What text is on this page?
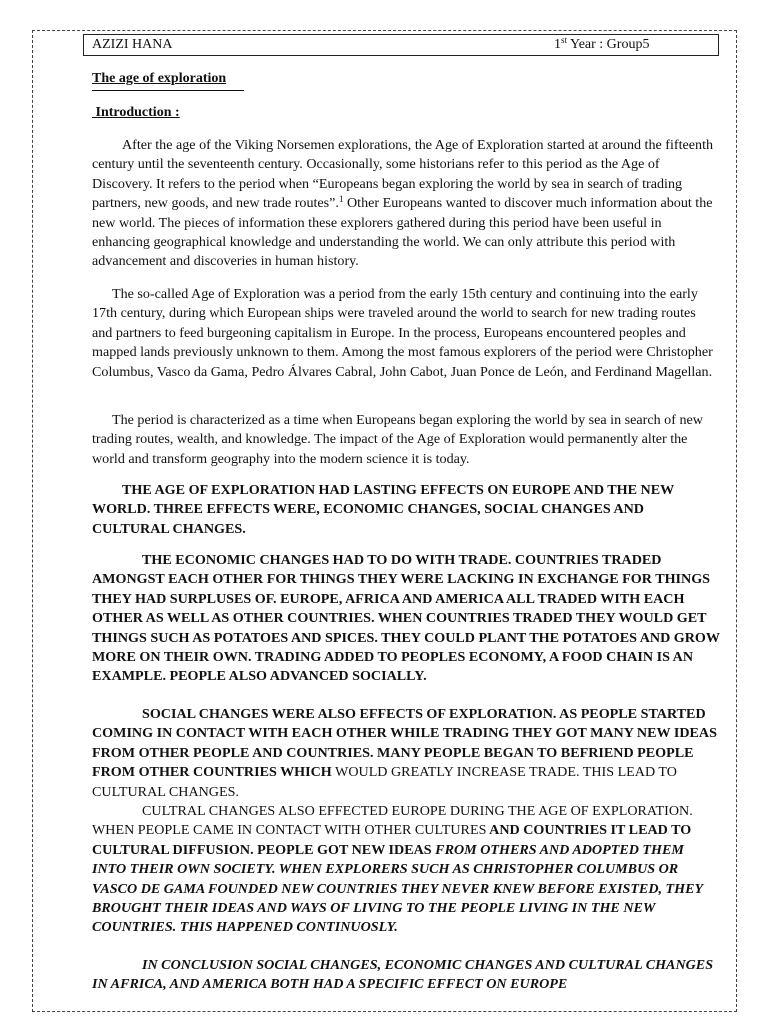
AZIZI HANA	1st Year : Group5
The age of exploration
Introduction :

After the age of the Viking Norsemen explorations, the Age of Exploration started at around the fifteenth century until the seventeenth century. Occasionally, some historians refer to this period as the Age of Discovery. It refers to the period when “Europeans began exploring the world by sea in search of trading partners, new goods, and new trade routes”.$^1$ Other Europeans wanted to discover much information about the new world. The pieces of information these explorers gathered during this period have been useful in enhancing geographical knowledge and understanding the world. We can only attribute this period with advancement and discoveries in human history.

The so-called Age of Exploration was a period from the early 15th century and continuing into the early 17th century, during which European ships were traveled around the world to search for new trading routes and partners to feed burgeoning capitalism in Europe. In the process, Europeans encountered peoples and mapped lands previously unknown to them. Among the most famous explorers of the period were Christopher Columbus, Vasco da Gama, Pedro Álvares Cabral, John Cabot, Juan Ponce de León, and Ferdinand Magellan.

The period is characterized as a time when Europeans began exploring the world by sea in search of new trading routes, wealth, and knowledge. The impact of the Age of Exploration would permanently alter the world and transform geography into the modern science it is today.

THE AGE OF EXPLORATION HAD LASTING EFFECTS ON EUROPE AND THE NEW WORLD. THREE EFFECTS WERE, ECONOMIC CHANGES, SOCIAL CHANGES AND CULTURAL CHANGES.

THE ECONOMIC CHANGES HAD TO DO WITH TRADE. COUNTRIES TRADED AMONGST EACH OTHER FOR THINGS THEY WERE LACKING IN EXCHANGE FOR THINGS THEY HAD SURPLUSES OF. EUROPE, AFRICA AND AMERICA ALL TRADED WITH EACH OTHER AS WELL AS OTHER COUNTRIES. WHEN COUNTRIES TRADED THEY WOULD GET THINGS SUCH AS POTATOES AND SPICES. THEY COULD PLANT THE POTATOES AND GROW MORE ON THEIR OWN. TRADING ADDED TO PEOPLES ECONOMY, A FOOD CHAIN IS AN EXAMPLE. PEOPLE ALSO ADVANCED SOCIALLY.

SOCIAL CHANGES WERE ALSO EFFECTS OF EXPLORATION. AS PEOPLE STARTED COMING IN CONTACT WITH EACH OTHER WHILE TRADING THEY GOT MANY NEW IDEAS FROM OTHER PEOPLE AND COUNTRIES. MANY PEOPLE BEGAN TO BEFRIEND PEOPLE FROM OTHER COUNTRIES WHICH WOULD GREATLY INCREASE TRADE. THIS LEAD TO CULTURAL CHANGES.

CULTRAL CHANGES ALSO EFFECTED EUROPE DURING THE AGE OF EXPLORATION. WHEN PEOPLE CAME IN CONTACT WITH OTHER CULTURES AND COUNTRIES IT LEAD TO CULTURAL DIFFUSION. PEOPLE GOT NEW IDEAS FROM OTHERS AND ADOPTED THEM INTO THEIR OWN SOCIETY. WHEN EXPLORERS SUCH AS CHRISTOPHER COLUMBUS OR VASCO DE GAMA FOUNDED NEW COUNTRIES THEY NEVER KNEW BEFORE EXISTED, THEY BROUGHT THEIR IDEAS AND WAYS OF LIVING TO THE PEOPLE LIVING IN THE NEW COUNTRIES. THIS HAPPENED CONTINUOSLY.

IN CONCLUSION SOCIAL CHANGES, ECONOMIC CHANGES AND CULTURAL CHANGES IN AFRICA, AND AMERICA BOTH HAD A SPECIFIC EFFECT ON EUROPE
